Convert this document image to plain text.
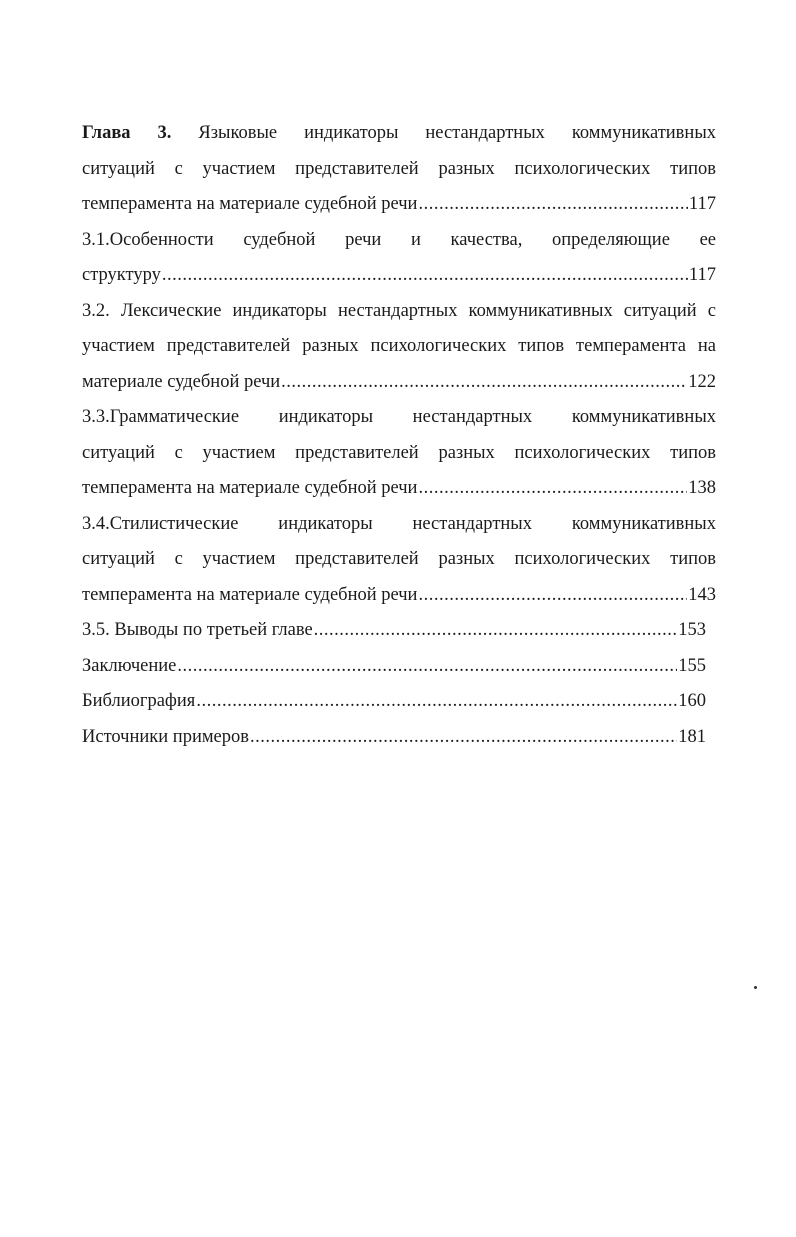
Глава 3. Языковые индикаторы нестандартных коммуникативных
ситуаций с участием представителей разных психологических типов
темперамента на материале судебной речи .....	117
3.1.Особенности судебной речи и качества, определяющие ее
структуру .....	117
3.2. Лексические индикаторы нестандартных коммуникативных ситуаций с
участием представителей разных психологических типов темперамента на
материале судебной речи .....	122
3.3.Грамматические индикаторы нестандартных коммуникативных
ситуаций с участием представителей разных психологических типов
темперамента на материале судебной речи .....	138
3.4.Стилистические индикаторы нестандартных коммуникативных
ситуаций с участием представителей разных психологических типов
темперамента на материале судебной речи .....	143
3.5. Выводы по третьей главе .....	153
Заключение .....	155
Библиография .....	160
Источники примеров .....	181
